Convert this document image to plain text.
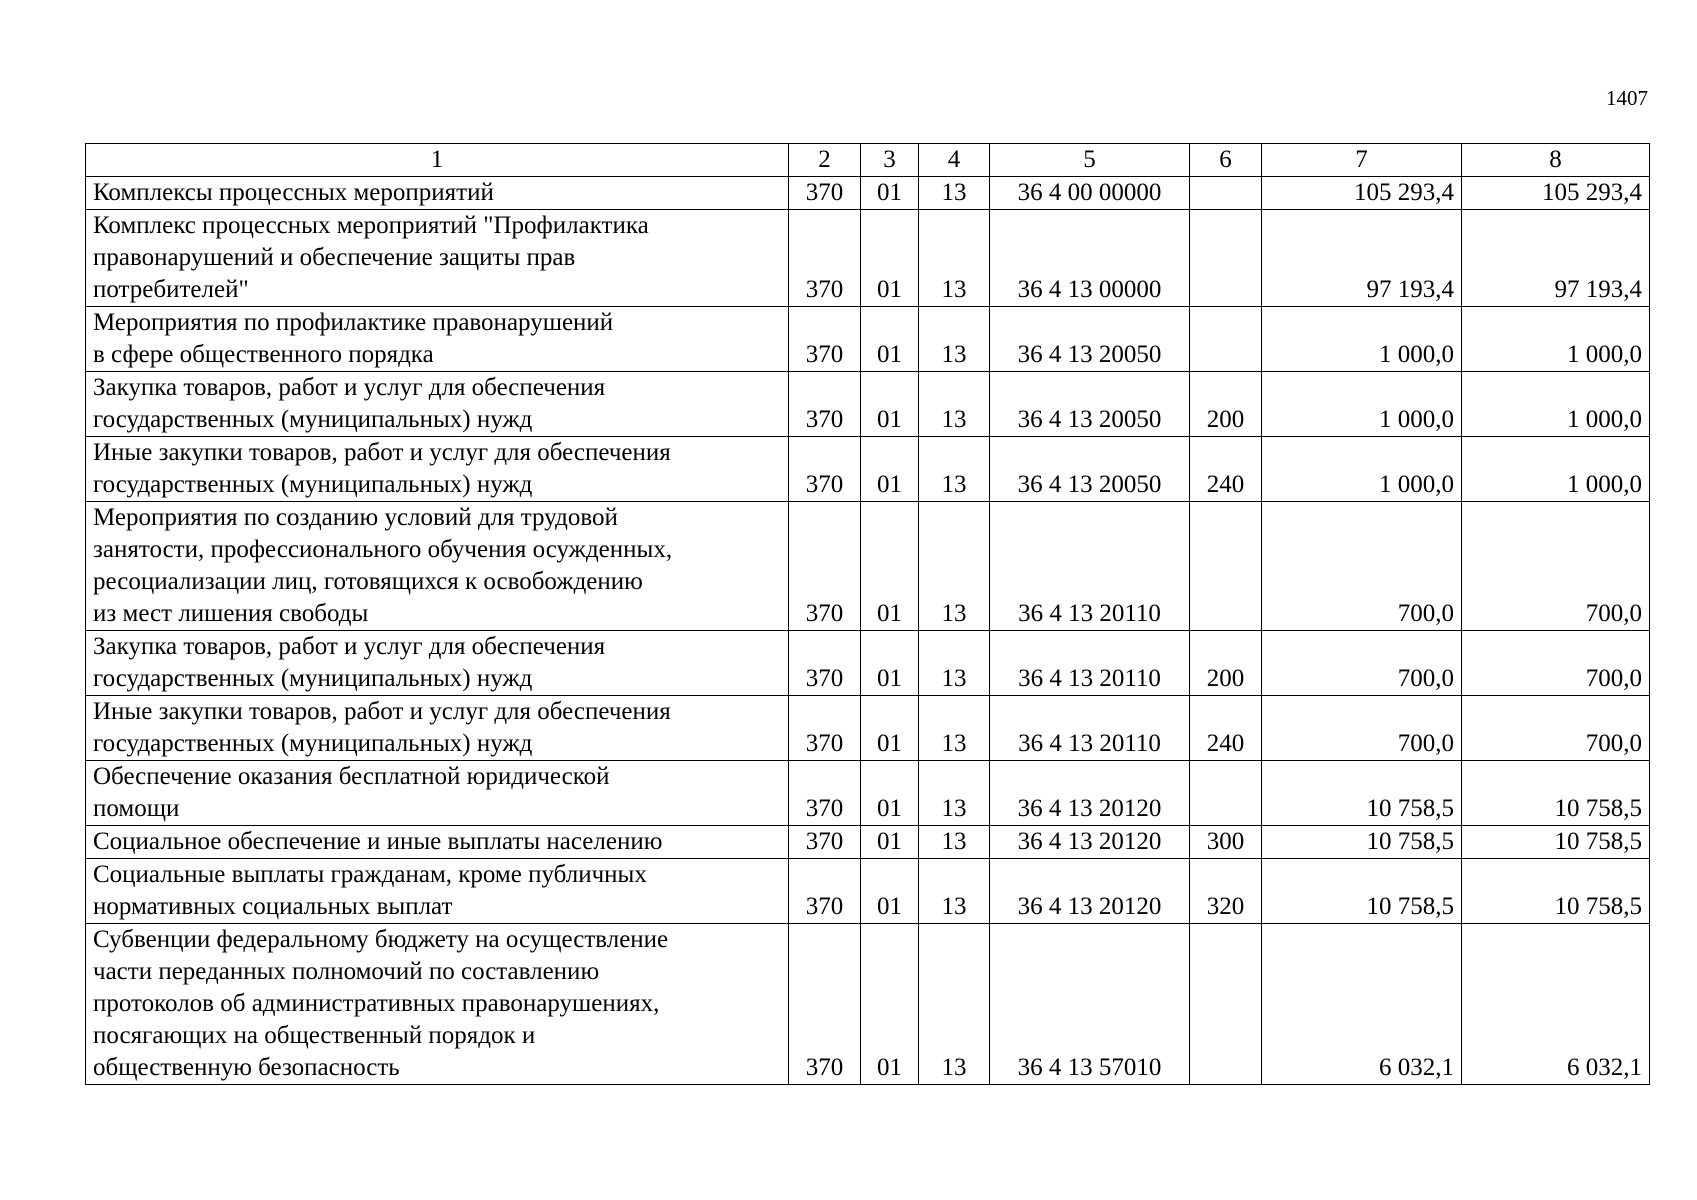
1407
1	2	3	4	5	6	7	8
Комплексы процессных мероприятий	370	01	13	36 4 00 00000		105 293,4	105 293,4
Комплекс процессных мероприятий "Профилактика
правонарушений и обеспечение защиты прав
потребителей"	370	01	13	36 4 13 00000		97 193,4	97 193,4
Мероприятия по профилактике правонарушений
в сфере общественного порядка	370	01	13	36 4 13 20050		1 000,0	1 000,0
Закупка товаров, работ и услуг для обеспечения
государственных (муниципальных) нужд	370	01	13	36 4 13 20050	200	1 000,0	1 000,0
Иные закупки товаров, работ и услуг для обеспечения
государственных (муниципальных) нужд	370	01	13	36 4 13 20050	240	1 000,0	1 000,0
Мероприятия по созданию условий для трудовой
занятости, профессионального обучения осужденных,
ресоциализации лиц, готовящихся к освобождению
из мест лишения свободы	370	01	13	36 4 13 20110		700,0	700,0
Закупка товаров, работ и услуг для обеспечения
государственных (муниципальных) нужд	370	01	13	36 4 13 20110	200	700,0	700,0
Иные закупки товаров, работ и услуг для обеспечения
государственных (муниципальных) нужд	370	01	13	36 4 13 20110	240	700,0	700,0
Обеспечение оказания бесплатной юридической
помощи	370	01	13	36 4 13 20120		10 758,5	10 758,5
Социальное обеспечение и иные выплаты населению	370	01	13	36 4 13 20120	300	10 758,5	10 758,5
Социальные выплаты гражданам, кроме публичных
нормативных социальных выплат	370	01	13	36 4 13 20120	320	10 758,5	10 758,5
Субвенции федеральному бюджету на осуществление
части переданных полномочий по составлению
протоколов об административных правонарушениях,
посягающих на общественный порядок и
общественную безопасность	370	01	13	36 4 13 57010		6 032,1	6 032,1
